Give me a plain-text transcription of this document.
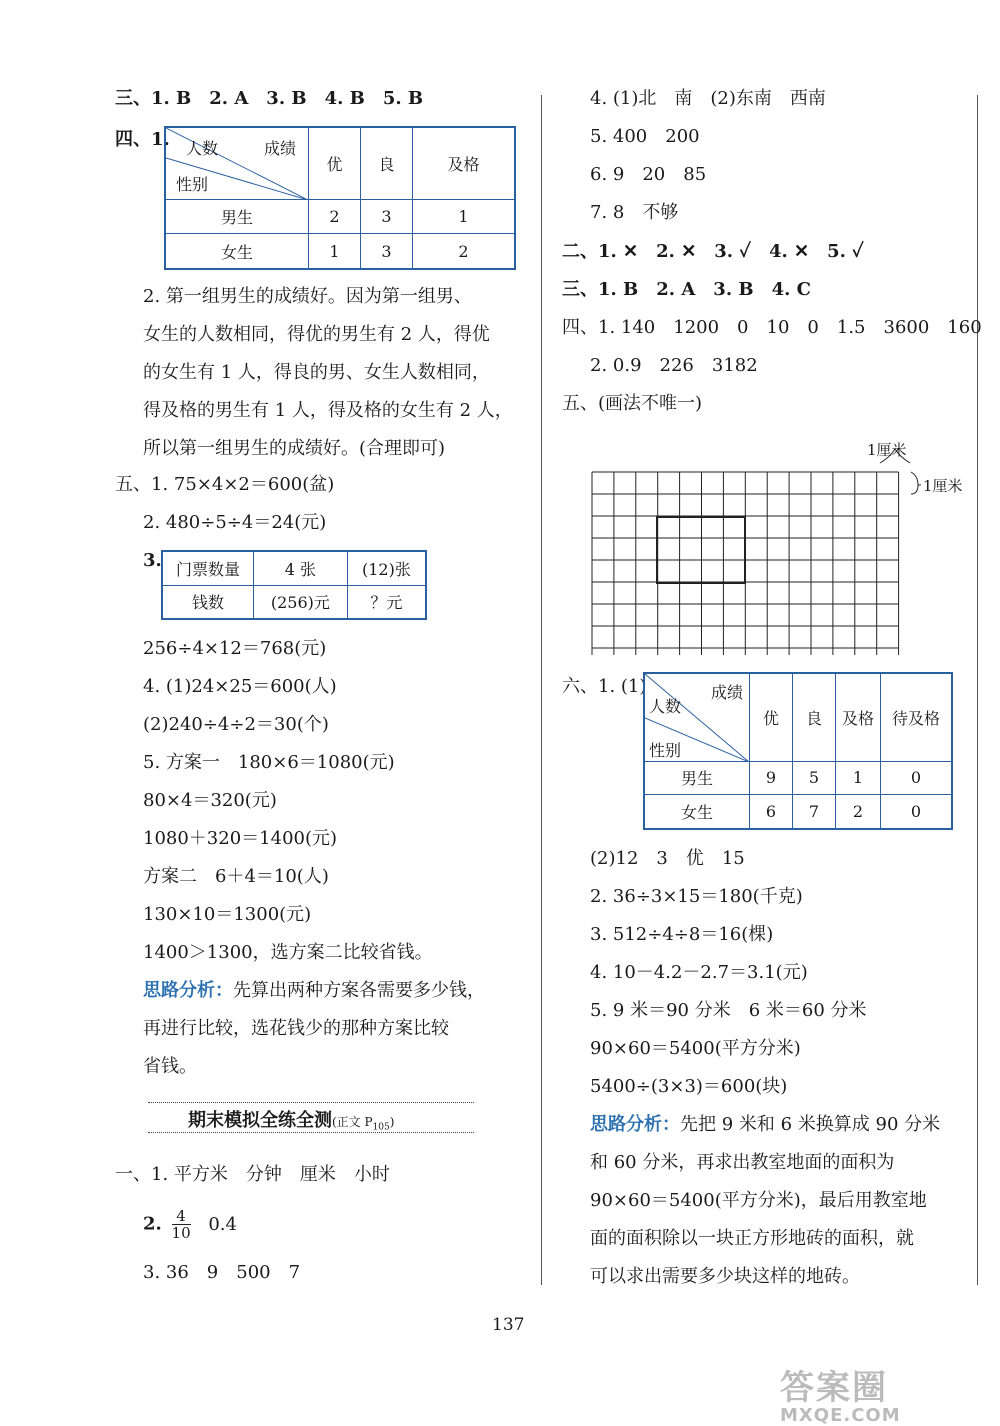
三、1. B　2. A　3. B　4. B　5. B
四、1.	成绩
人数
性别	优	良	及格
男生	2	3	1
女生	1	3	2
2. 第一组男生的成绩好。因为第一组男、
女生的人数相同，得优的男生有 2 人，得优
的女生有 1 人，得良的男、女生人数相同，
得及格的男生有 1 人，得及格的女生有 2 人，
所以第一组男生的成绩好。(合理即可)
五、1. 75×4×2＝600(盆)
2. 480÷5÷4＝24(元)
3. 门票数量	4 张	(12)张
钱数	(256)元	？元
256÷4×12＝768(元)
4. (1)24×25＝600(人)
(2)240÷4÷2＝30(个)
5. 方案一　180×6＝1080(元)
80×4＝320(元)
1080＋320＝1400(元)
方案二　6＋4＝10(人)
130×10＝1300(元)
1400＞1300，选方案二比较省钱。
思路分析：先算出两种方案各需要多少钱，
再进行比较，选花钱少的那种方案比较
省钱。
期末模拟全练全测(正文 $P_{105}$)
一、1. 平方米　分钟　厘米　小时
2. $\frac{4}{10} 0.4$
3. 36　9　500　7
4. (1)北　南　(2)东南　西南
5. 400　200
6. 9　20　85
7. 8　不够
二、1. ✕　2. ✕　3. ✓　4. ✕　5. ✓
三、1. B　2. A　3. B　4. C
四、1. 140　1200　0　10　0　1.5　3600　160
2. 0.9　226　3182
五、(画法不唯一)
1厘米
1厘米
六、1. (1)	成绩
人数
性别	优	良	及格	待及格
男生	9	5	1	0
女生	6	7	2	0
(2)12　3　优　15
2. 36÷3×15＝180(千克)
3. 512÷4÷8＝16(棵)
4. 10－4.2－2.7＝3.1(元)
5. 9 米＝90 分米　6 米＝60 分米
90×60＝5400(平方分米)
5400÷(3×3)＝600(块)
思路分析：先把 9 米和 6 米换算成 90 分米
和 60 分米，再求出教室地面的面积为
90×60＝5400(平方分米)，最后用教室地
面的面积除以一块正方形地砖的面积，就
可以求出需要多少块这样的地砖。
137
答案圈
MXQE.COM
